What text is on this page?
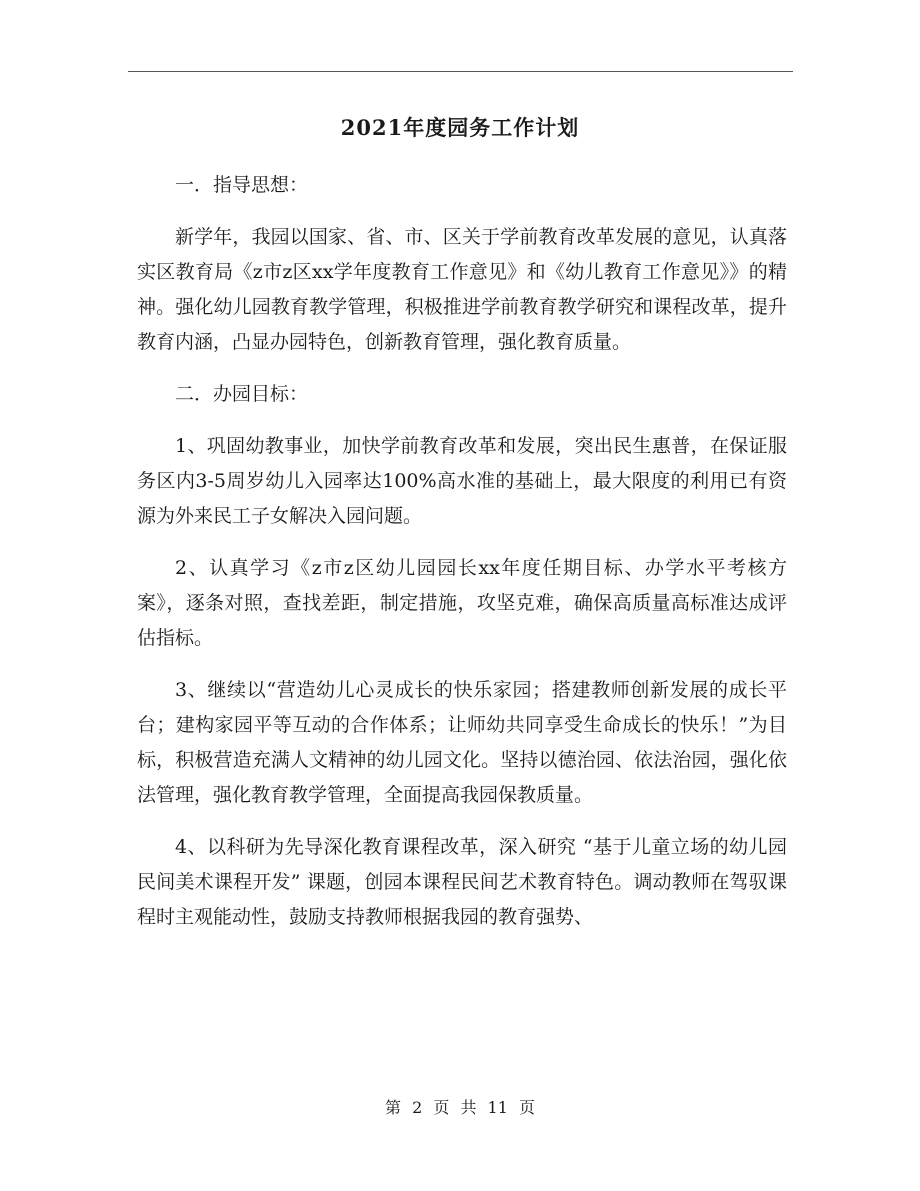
2021年度园务工作计划
一．指导思想：

新学年，我园以国家、省、市、区关于学前教育改革发展的意见，认真落实区教育局《z市z区xx学年度教育工作意见》和《幼儿教育工作意见》》的精神。强化幼儿园教育教学管理，积极推进学前教育教学研究和课程改革，提升教育内涵，凸显办园特色，创新教育管理，强化教育质量。

二．办园目标：

1、巩固幼教事业，加快学前教育改革和发展，突出民生惠普，在保证服务区内3-5周岁幼儿入园率达100%高水准的基础上，最大限度的利用已有资源为外来民工子女解决入园问题。

2、认真学习《z市z区幼儿园园长xx年度任期目标、办学水平考核方案》，逐条对照，查找差距，制定措施，攻坚克难，确保高质量高标准达成评估指标。

3、继续以“营造幼儿心灵成长的快乐家园；搭建教师创新发展的成长平台；建构家园平等互动的合作体系；让师幼共同享受生命成长的快乐！”为目标，积极营造充满人文精神的幼儿园文化。坚持以德治园、依法治园，强化依法管理，强化教育教学管理，全面提高我园保教质量。

4、以科研为先导深化教育课程改革，深入研究 “基于儿童立场的幼儿园民间美术课程开发” 课题，创园本课程民间艺术教育特色。调动教师在驾驭课程时主观能动性，鼓励支持教师根据我园的教育强势、

第 2 页 共 11 页
